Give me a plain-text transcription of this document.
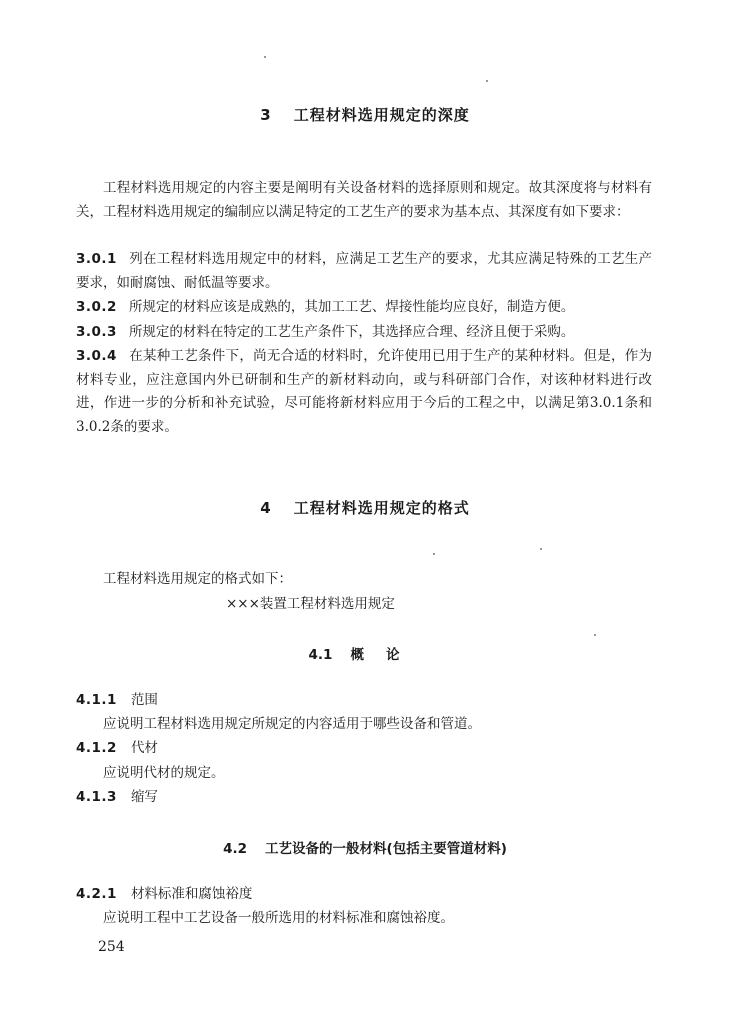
3 工程材料选用规定的深度
工程材料选用规定的内容主要是阐明有关设备材料的选择原则和规定。故其深度将与材料有关，工程材料选用规定的编制应以满足特定的工艺生产的要求为基本点、其深度有如下要求：
3.0.1 列在工程材料选用规定中的材料，应满足工艺生产的要求，尤其应满足特殊的工艺生产要求，如耐腐蚀、耐低温等要求。
3.0.2 所规定的材料应该是成熟的，其加工工艺、焊接性能均应良好，制造方便。
3.0.3 所规定的材料在特定的工艺生产条件下，其选择应合理、经济且便于采购。
3.0.4 在某种工艺条件下，尚无合适的材料时，允许使用已用于生产的某种材料。但是，作为材料专业，应注意国内外已研制和生产的新材料动向，或与科研部门合作，对该种材料进行改进，作进一步的分析和补充试验，尽可能将新材料应用于今后的工程之中，以满足第3.0.1条和3.0.2条的要求。
4 工程材料选用规定的格式
工程材料选用规定的格式如下：
×××装置工程材料选用规定
4.1 概论
4.1.1 范围
应说明工程材料选用规定所规定的内容适用于哪些设备和管道。
4.1.2 代材
应说明代材的规定。
4.1.3 缩写
4.2 工艺设备的一般材料(包括主要管道材料)
4.2.1 材料标准和腐蚀裕度
应说明工程中工艺设备一般所选用的材料标准和腐蚀裕度。
254
